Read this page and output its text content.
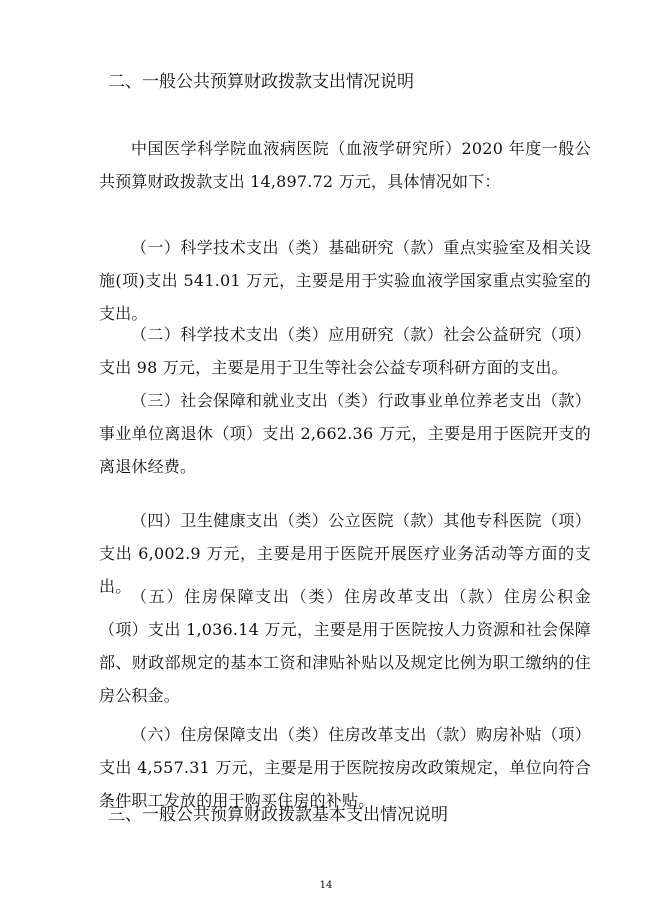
二、一般公共预算财政拨款支出情况说明

中国医学科学院血液病医院（血液学研究所）2020 年度一般公共预算财政拨款支出 14,897.72 万元，具体情况如下：

（一）科学技术支出（类）基础研究（款）重点实验室及相关设施(项)支出 541.01 万元，主要是用于实验血液学国家重点实验室的支出。

（二）科学技术支出（类）应用研究（款）社会公益研究（项）支出 98 万元，主要是用于卫生等社会公益专项科研方面的支出。

（三）社会保障和就业支出（类）行政事业单位养老支出（款）事业单位离退休（项）支出 2,662.36 万元，主要是用于医院开支的离退休经费。

（四）卫生健康支出（类）公立医院（款）其他专科医院（项）支出 6,002.9 万元，主要是用于医院开展医疗业务活动等方面的支出。

（五）住房保障支出（类）住房改革支出（款）住房公积金（项）支出 1,036.14 万元，主要是用于医院按人力资源和社会保障部、财政部规定的基本工资和津贴补贴以及规定比例为职工缴纳的住房公积金。

（六）住房保障支出（类）住房改革支出（款）购房补贴（项）支出 4,557.31 万元，主要是用于医院按房改政策规定，单位向符合条件职工发放的用于购买住房的补贴。

三、一般公共预算财政拨款基本支出情况说明
14
